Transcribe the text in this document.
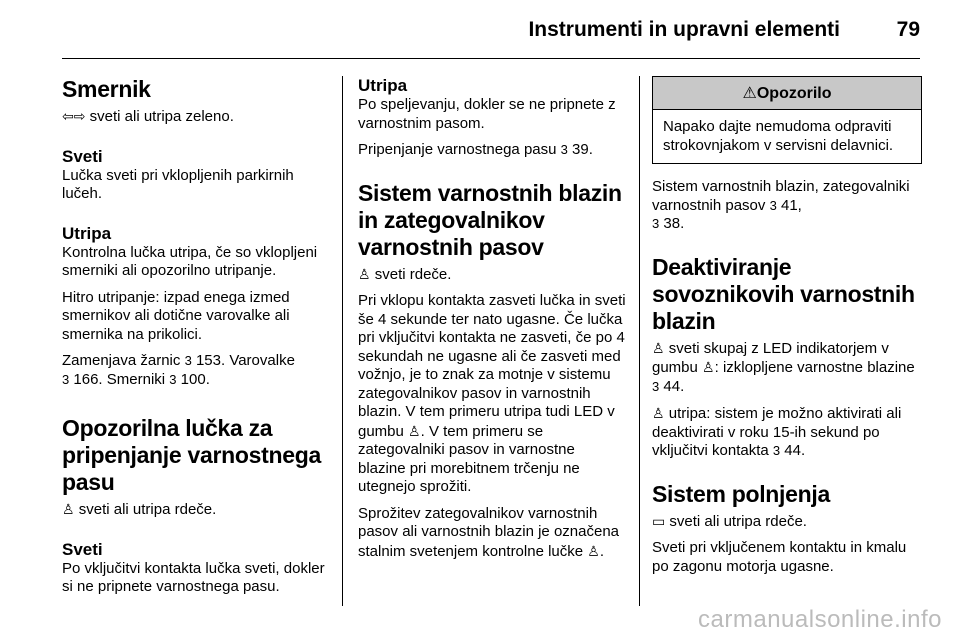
Instrumenti in upravni elementi	79
Smernik

⇦⇨ sveti ali utripa zeleno.

Sveti

Lučka sveti pri vklopljenih parkirnih lučeh.

Utripa

Kontrolna lučka utripa, če so vklopljeni smerniki ali opozorilno utripanje.

Hitro utripanje: izpad enega izmed smernikov ali dotične varovalke ali smernika na prikolici.

Zamenjava žarnic 3 153. Varovalke
3 166. Smerniki 3 100.

Opozorilna lučka za pripenjanje varnostnega pasu

♙ sveti ali utripa rdeče.

Sveti

Po vključitvi kontakta lučka sveti, dokler si ne pripnete varnostnega pasu.

Utripa

Po speljevanju, dokler se ne pripnete z varnostnim pasom.

Pripenjanje varnostnega pasu 3 39.

Sistem varnostnih blazin in zategovalnikov varnostnih pasov

♙ sveti rdeče.

Pri vklopu kontakta zasveti lučka in sveti še 4 sekunde ter nato ugasne. Če lučka pri vključitvi kontakta ne zasveti, če po 4 sekundah ne ugasne ali če zasveti med vožnjo, je to znak za motnje v sistemu zategovalnikov pasov in varnostnih blazin. V tem primeru utripa tudi LED v gumbu ♙. V tem primeru se zategovalniki pasov in varnostne blazine pri morebitnem trčenju ne utegnejo sprožiti.

Sprožitev zategovalnikov varnostnih pasov ali varnostnih blazin je označena stalnim svetenjem kontrolne lučke ♙.

⚠Opozorilo
Napako dajte nemudoma odpraviti strokovnjakom v servisni delavnici.

Sistem varnostnih blazin, zategovalniki varnostnih pasov 3 41,
3 38.

Deaktiviranje sovoznikovih varnostnih blazin

♙ sveti skupaj z LED indikatorjem v gumbu ♙: izklopljene varnostne blazine 3 44.

♙ utripa: sistem je možno aktivirati ali deaktivirati v roku 15-ih sekund po vključitvi kontakta 3 44.

Sistem polnjenja

▭ sveti ali utripa rdeče.

Sveti pri vključenem kontaktu in kmalu po zagonu motorja ugasne.

carmanualsonline.info
